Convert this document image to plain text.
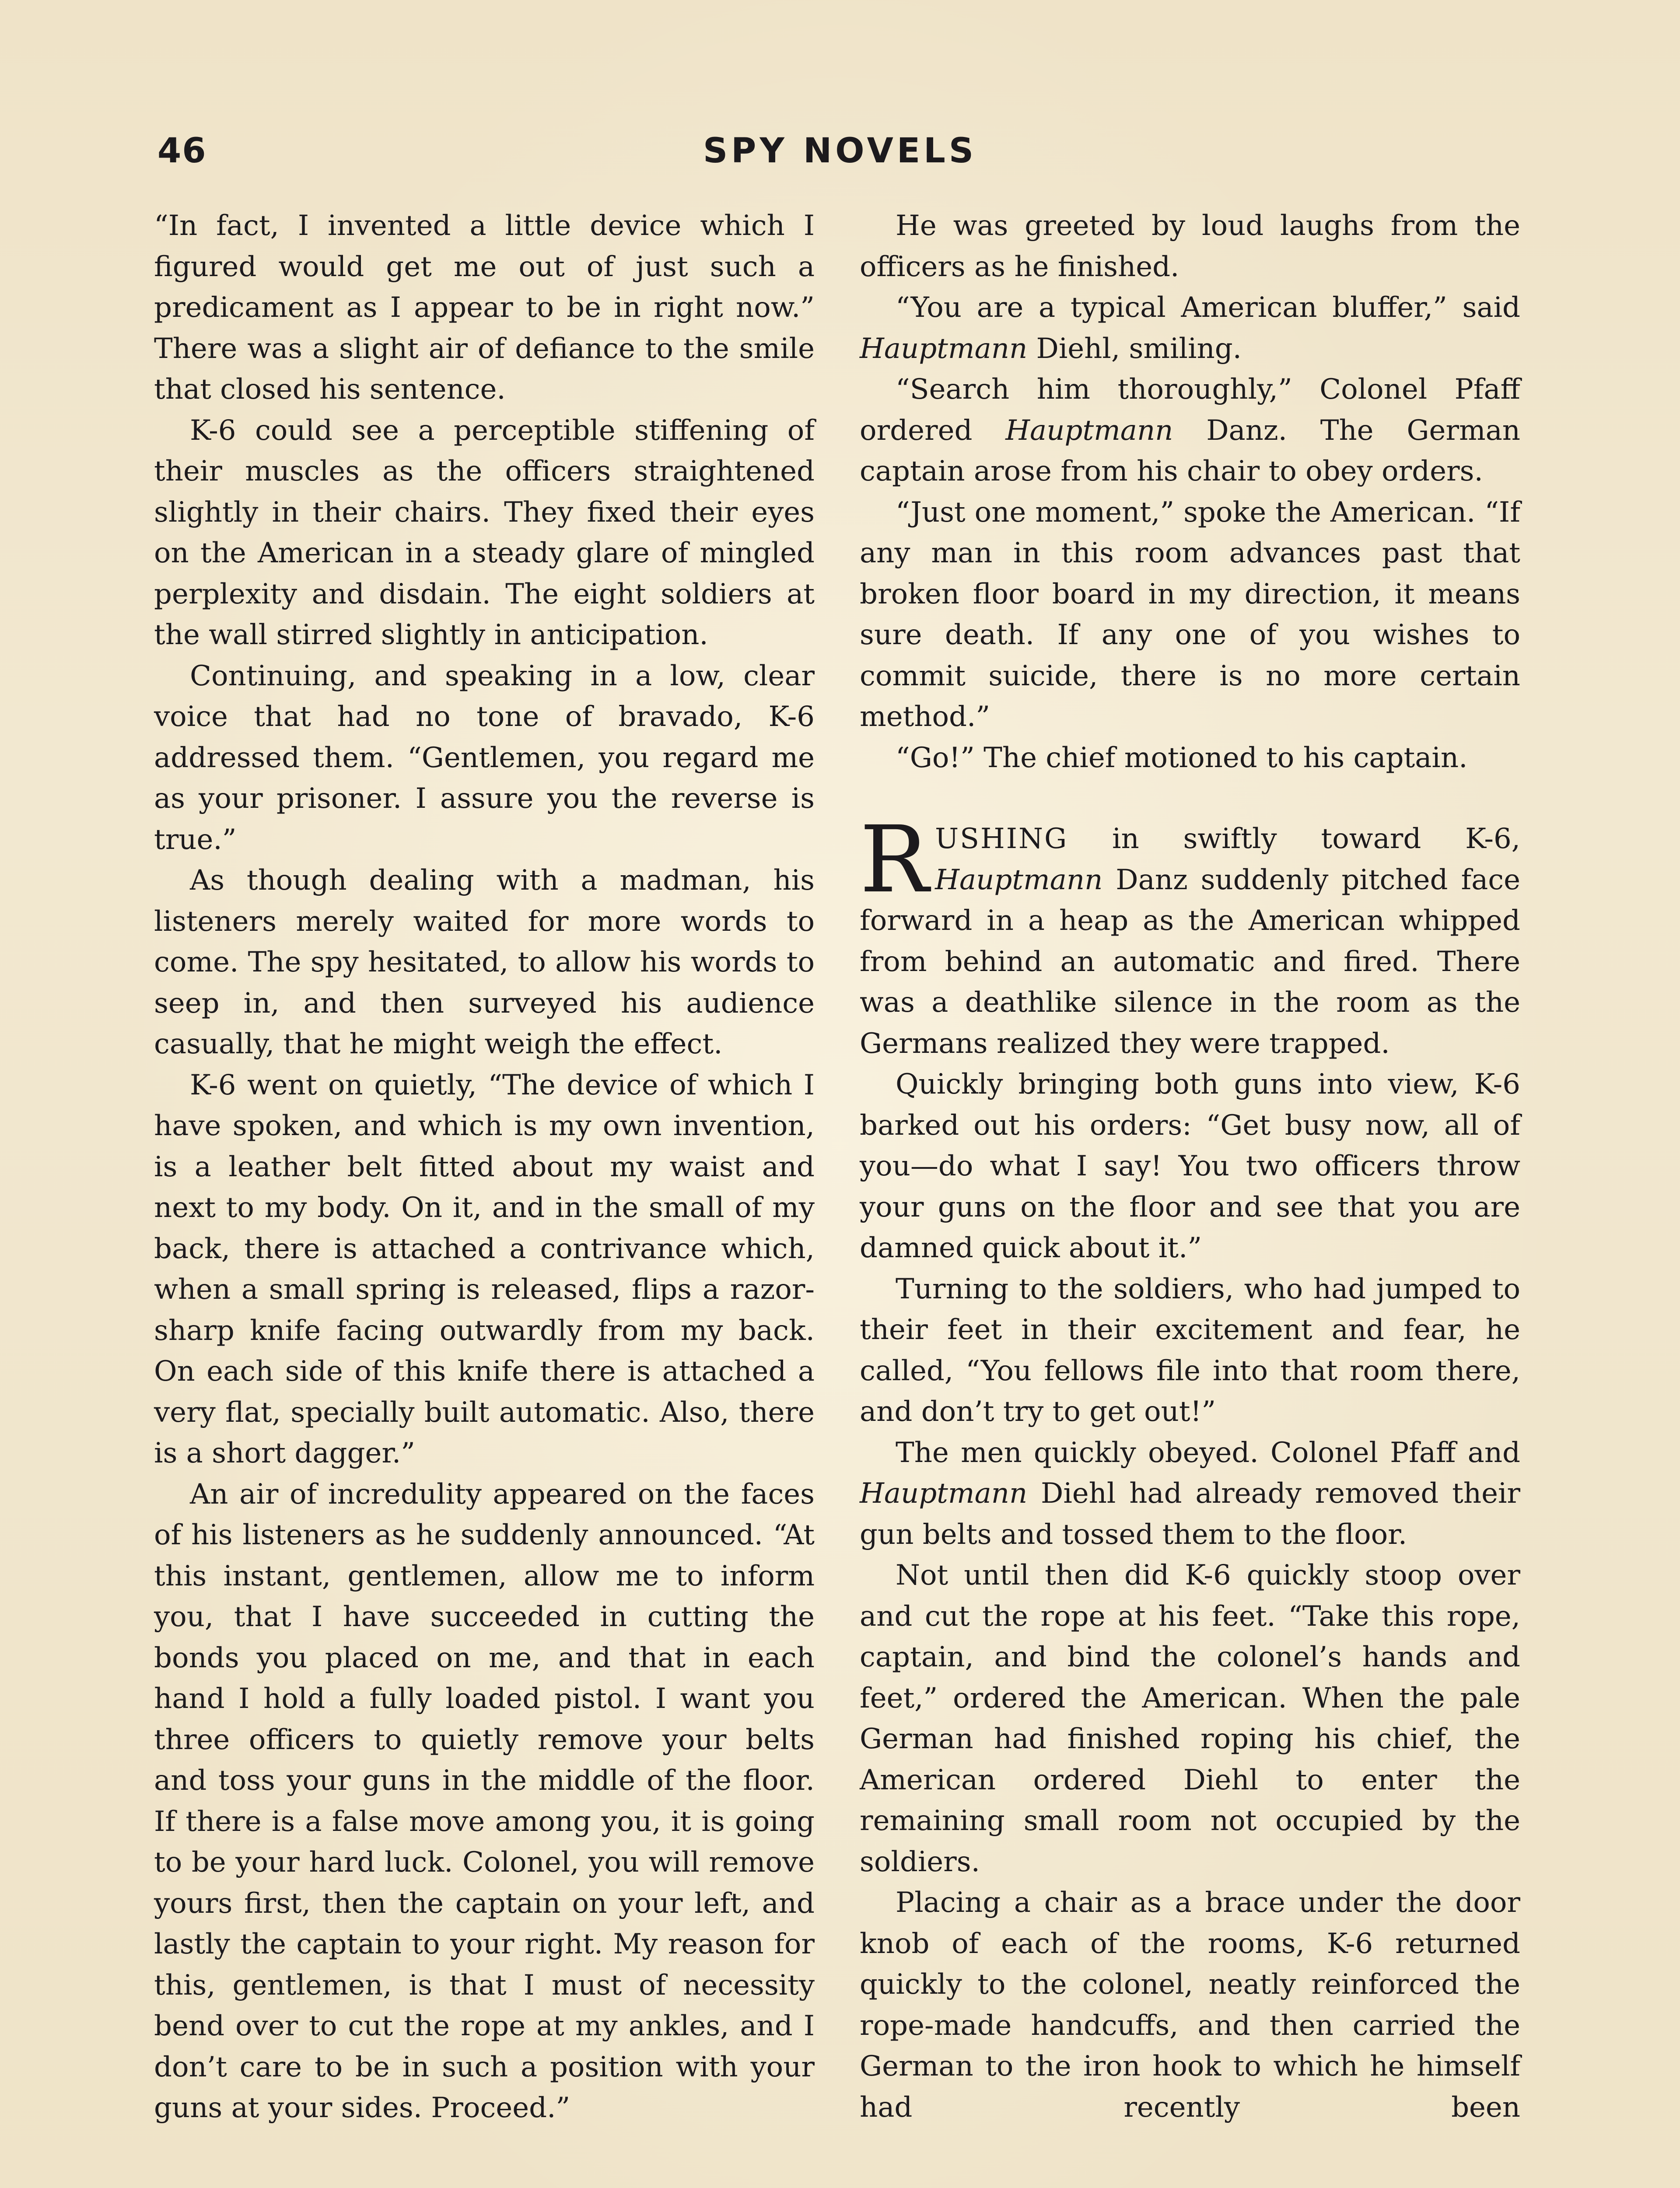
46	SPY NOVELS

“In fact, I invented a little device which I figured would get me out of just such a predicament as I appear to be in right now.” There was a slight air of defiance to the smile that closed his sentence.

K-6 could see a perceptible stiffening of their muscles as the officers straightened slightly in their chairs. They fixed their eyes on the American in a steady glare of mingled perplexity and disdain. The eight soldiers at the wall stirred slightly in anticipation.

Continuing, and speaking in a low, clear voice that had no tone of bravado, K-6 addressed them. “Gentlemen, you regard me as your prisoner. I assure you the reverse is true.”

As though dealing with a madman, his listeners merely waited for more words to come. The spy hesitated, to allow his words to seep in, and then surveyed his audience casually, that he might weigh the effect.

K-6 went on quietly, “The device of which I have spoken, and which is my own invention, is a leather belt fitted about my waist and next to my body. On it, and in the small of my back, there is attached a contrivance which, when a small spring is released, flips a razor-sharp knife facing outwardly from my back. On each side of this knife there is attached a very flat, specially built automatic. Also, there is a short dagger.”

An air of incredulity appeared on the faces of his listeners as he suddenly announced. “At this instant, gentlemen, allow me to inform you, that I have succeeded in cutting the bonds you placed on me, and that in each hand I hold a fully loaded pistol. I want you three officers to quietly remove your belts and toss your guns in the middle of the floor. If there is a false move among you, it is going to be your hard luck. Colonel, you will remove yours first, then the captain on your left, and lastly the captain to your right. My reason for this, gentlemen, is that I must of necessity bend over to cut the rope at my ankles, and I don’t care to be in such a position with your guns at your sides. Proceed.”

He was greeted by loud laughs from the officers as he finished.

“You are a typical American bluffer,” said Hauptmann Diehl, smiling.

“Search him thoroughly,” Colonel Pfaff ordered Hauptmann Danz. The German captain arose from his chair to obey orders.

“Just one moment,” spoke the American. “If any man in this room advances past that broken floor board in my direction, it means sure death. If any one of you wishes to commit suicide, there is no more certain method.”

“Go!” The chief motioned to his captain.

RUSHING in swiftly toward K-6, Hauptmann Danz suddenly pitched face forward in a heap as the American whipped from behind an automatic and fired. There was a deathlike silence in the room as the Germans realized they were trapped.

Quickly bringing both guns into view, K-6 barked out his orders: “Get busy now, all of you—do what I say! You two officers throw your guns on the floor and see that you are damned quick about it.”

Turning to the soldiers, who had jumped to their feet in their excitement and fear, he called, “You fellows file into that room there, and don’t try to get out!”

The men quickly obeyed. Colonel Pfaff and Hauptmann Diehl had already removed their gun belts and tossed them to the floor.

Not until then did K-6 quickly stoop over and cut the rope at his feet. “Take this rope, captain, and bind the colonel’s hands and feet,” ordered the American. When the pale German had finished roping his chief, the American ordered Diehl to enter the remaining small room not occupied by the soldiers.

Placing a chair as a brace under the door knob of each of the rooms, K-6 returned quickly to the colonel, neatly reinforced the rope-made handcuffs, and then carried the German to the iron hook to which he himself had recently been
